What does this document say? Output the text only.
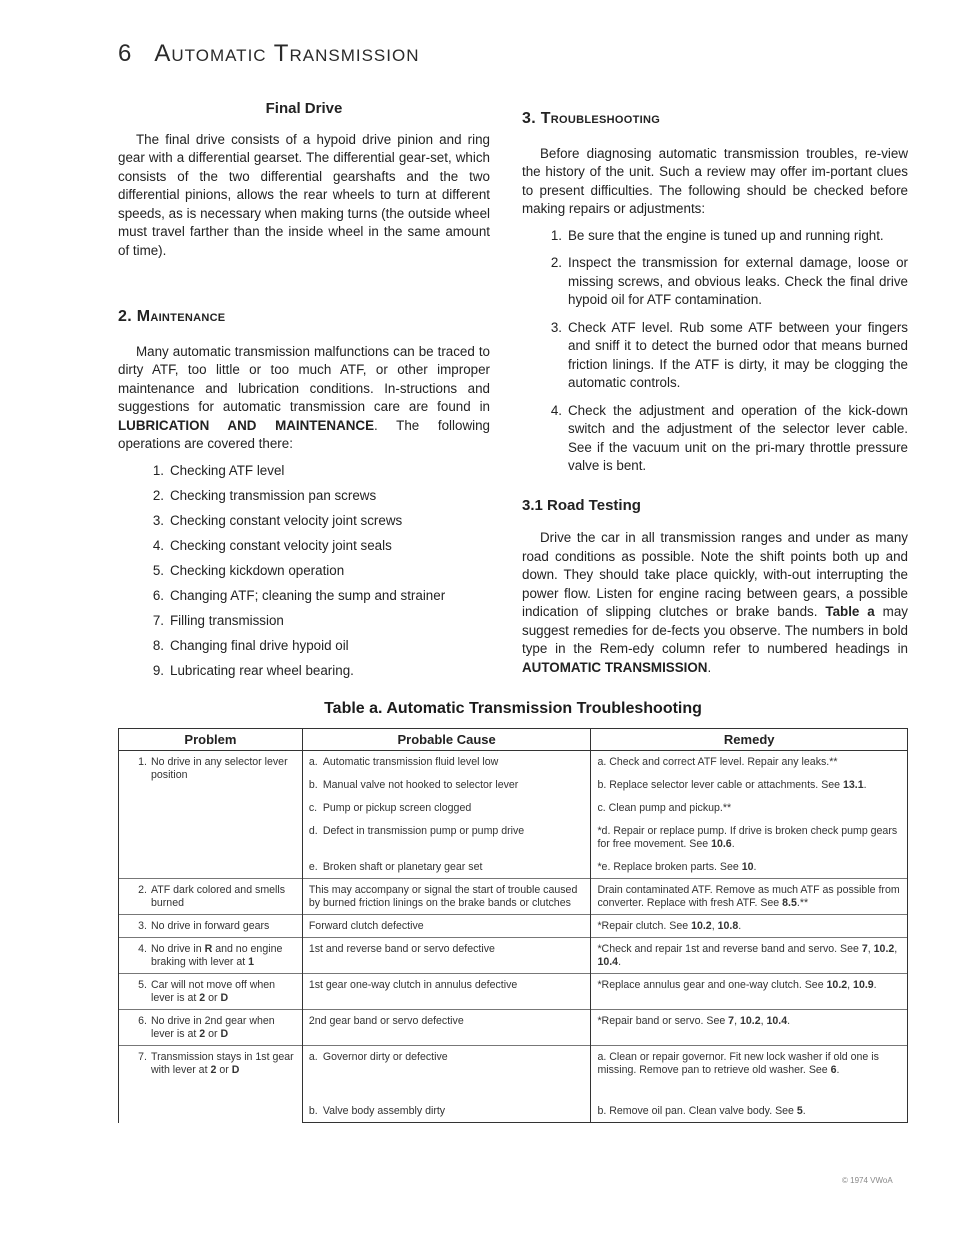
6 Automatic Transmission
Final Drive

The final drive consists of a hypoid drive pinion and ring gear with a differential gearset. The differential gear-set, which consists of the two differential gearshafts and the two differential pinions, allows the rear wheels to turn at different speeds, as is necessary when making turns (the outside wheel must travel farther than the inside wheel in the same amount of time).

2. Maintenance

Many automatic transmission malfunctions can be traced to dirty ATF, too little or too much ATF, or other improper maintenance and lubrication conditions. In-structions and suggestions for automatic transmission care are found in LUBRICATION AND MAINTENANCE. The following operations are covered there:

1. Checking ATF level
2. Checking transmission pan screws
3. Checking constant velocity joint screws
4. Checking constant velocity joint seals
5. Checking kickdown operation
6. Changing ATF; cleaning the sump and strainer
7. Filling transmission
8. Changing final drive hypoid oil
9. Lubricating rear wheel bearing.
3. Troubleshooting

Before diagnosing automatic transmission troubles, re-view the history of the unit. Such a review may offer im-portant clues to present difficulties. The following should be checked before making repairs or adjustments:

1. Be sure that the engine is tuned up and running right.
2. Inspect the transmission for external damage, loose or missing screws, and obvious leaks. Check the final drive hypoid oil for ATF contamination.
3. Check ATF level. Rub some ATF between your fingers and sniff it to detect the burned odor that means burned friction linings. If the ATF is dirty, it may be clogging the automatic controls.
4. Check the adjustment and operation of the kick-down switch and the adjustment of the selector lever cable. See if the vacuum unit on the pri-mary throttle pressure valve is bent.
3.1 Road Testing

Drive the car in all transmission ranges and under as many road conditions as possible. Note the shift points both up and down. They should take place quickly, with-out interrupting the power flow. Listen for engine racing between gears, a possible indication of slipping clutches or brake bands. Table a may suggest remedies for de-fects you observe. The numbers in bold type in the Rem-edy column refer to numbered headings in AUTOMATIC TRANSMISSION.

Table a. Automatic Transmission Troubleshooting
Problem	Probable Cause	Remedy

1. No drive in any selector lever position	a. Automatic transmission fluid level low	a. Check and correct ATF level. Repair any leaks.**

	b. Manual valve not hooked to selector lever	b. Replace selector lever cable or attachments. See 13.1.

	c. Pump or pickup screen clogged	c. Clean pump and pickup.**

	d. Defect in transmission pump or pump drive	*d. Repair or replace pump. If drive is broken check pump gears for free movement. See 10.6.

	e. Broken shaft or planetary gear set	*e. Replace broken parts. See 10.

2. ATF dark colored and smells burned	This may accompany or signal the start of trouble caused by burned friction linings on the brake bands or clutches	Drain contaminated ATF. Remove as much ATF as possible from converter. Replace with fresh ATF. See 8.5.**

3. No drive in forward gears	Forward clutch defective	*Repair clutch. See 10.2, 10.8.

4. No drive in R and no engine braking with lever at 1	1st and reverse band or servo defective	*Check and repair 1st and reverse band and servo. See 7, 10.2, 10.4.

5. Car will not move off when lever is at 2 or D	1st gear one-way clutch in annulus defective	*Replace annulus gear and one-way clutch. See 10.2, 10.9.

6. No drive in 2nd gear when lever is at 2 or D	2nd gear band or servo defective	*Repair band or servo. See 7, 10.2, 10.4.

7. Transmission stays in 1st gear with lever at 2 or D	a. Governor dirty or defective	a. Clean or repair governor. Fit new lock washer if old one is missing. Remove pan to retrieve old washer. See 6.

	b. Valve body assembly dirty	b. Remove oil pan. Clean valve body. See 5.
© 1974 VWoA
